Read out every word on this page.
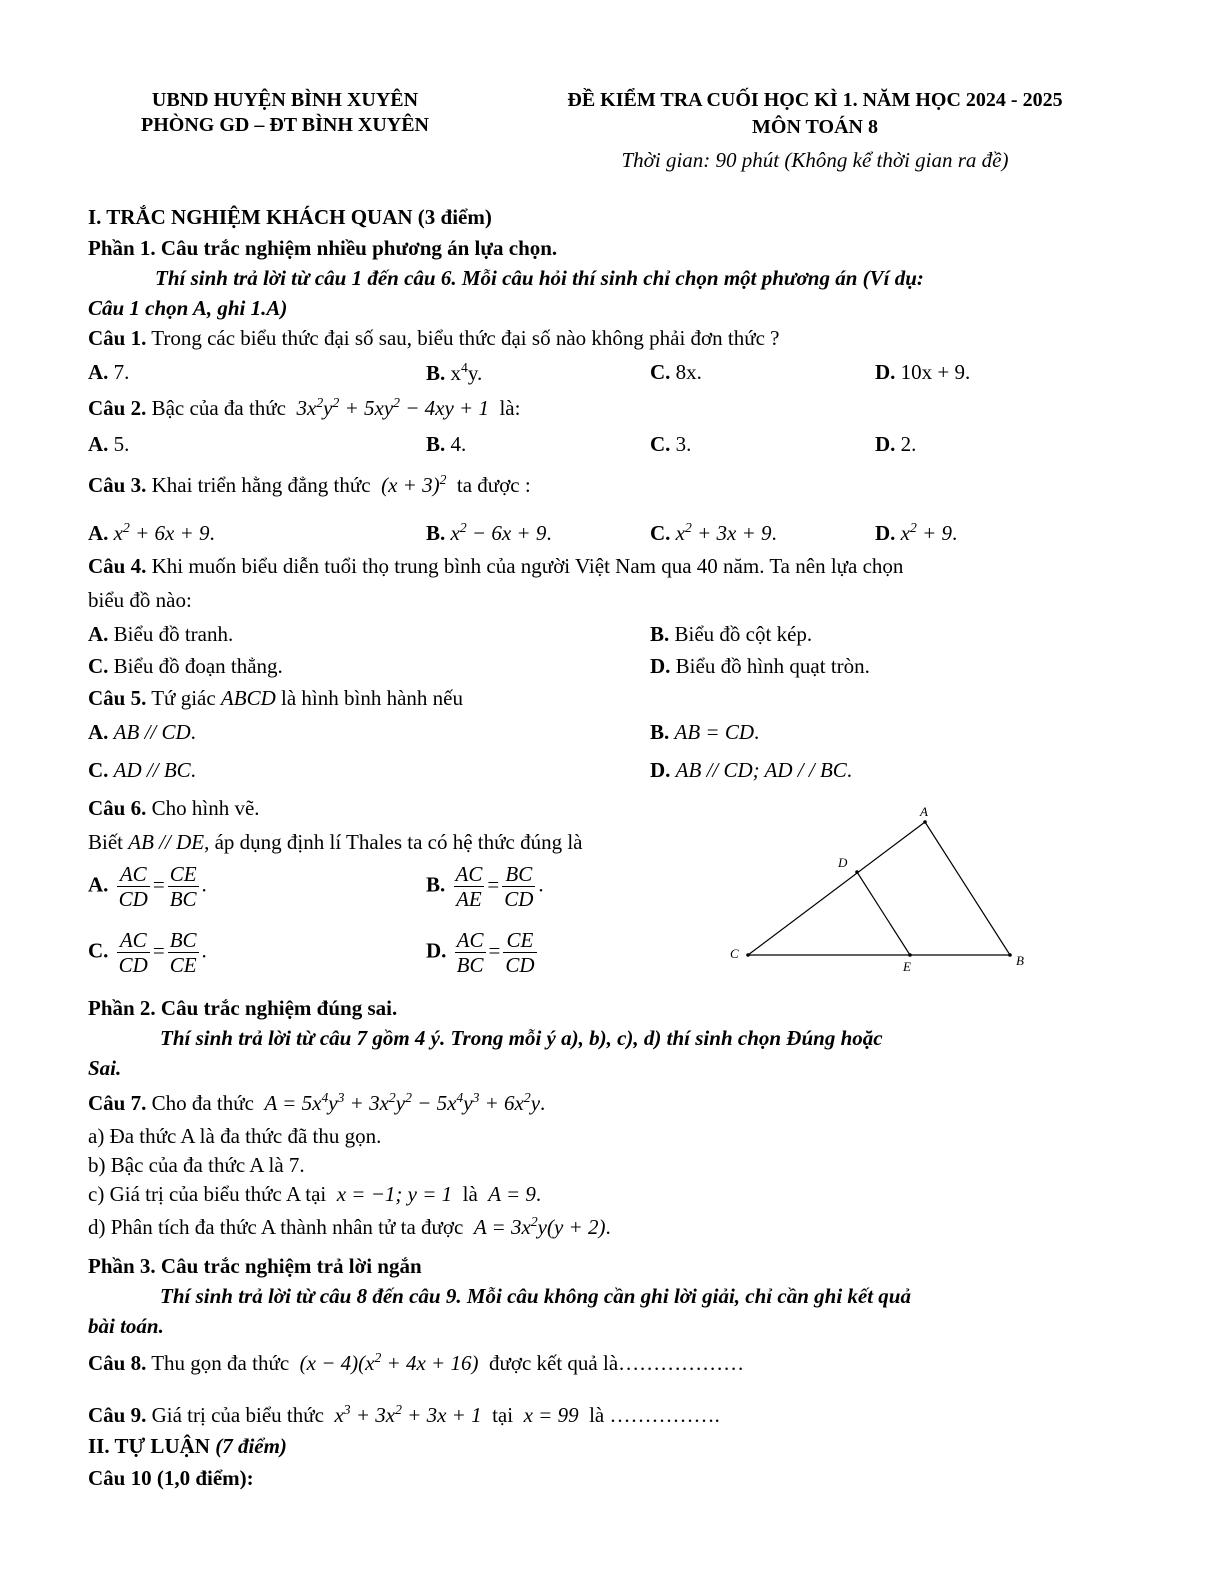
UBND HUYỆN BÌNH XUYÊN
PHÒNG GD – ĐT BÌNH XUYÊN
ĐỀ KIỂM TRA CUỐI HỌC KÌ 1. NĂM HỌC 2024 - 2025
MÔN TOÁN 8
Thời gian: 90 phút (Không kể thời gian ra đề)
I. TRẮC NGHIỆM KHÁCH QUAN (3 điểm)
Phần 1. Câu trắc nghiệm nhiều phương án lựa chọn.
Thí sinh trả lời từ câu 1 đến câu 6. Mỗi câu hỏi thí sinh chỉ chọn một phương án (Ví dụ:
Câu 1 chọn A, ghi 1.A)
Câu 1. Trong các biểu thức đại số sau, biểu thức đại số nào không phải đơn thức ?
A. 7.	B. $x^4y$.	C. 8x.	D. 10x + 9.
Câu 2. Bậc của đa thức  $3x^2y^2 + 5xy^2 - 4xy + 1$  là:
A. 5.	B. 4.	C. 3.	D. 2.
Câu 3. Khai triển hằng đẳng thức  $(x + 3)^2$ ta được :
A. $x^2 + 6x + 9$.	B. $x^2 - 6x + 9$.	C. $x^2 + 3x + 9$.	D. $x^2 + 9$.
Câu 4. Khi muốn biểu diễn tuổi thọ trung bình của người Việt Nam qua 40 năm. Ta nên lựa chọn
biểu đồ nào:
A. Biểu đồ tranh.	B. Biểu đồ cột kép.
C. Biểu đồ đoạn thẳng.	D. Biểu đồ hình quạt tròn.
Câu 5. Tứ giác ABCD là hình bình hành nếu
A. AB // CD.	B. AB = CD.
C. AD // BC.	D. AB // CD; AD / / BC.
Câu 6. Cho hình vẽ.
Biết AB // DE, áp dụng định lí Thales ta có hệ thức đúng là
A. $\frac{AC}{CD} = \frac{CE}{BC}$ .	B. $\frac{AC}{AE} = \frac{BC}{CD}$ .
C. $\frac{AC}{CD} = \frac{BC}{CE}$ .	D. $\frac{AC}{BC} = \frac{CE}{CD}$
A
B
C
D
E
Phần 2. Câu trắc nghiệm đúng sai.
Thí sinh trả lời từ câu 7 gồm 4 ý. Trong mỗi ý a), b), c), d) thí sinh chọn Đúng hoặc
Sai.
Câu 7. Cho đa thức  $A = 5x^4y^3 + 3x^2y^2 - 5x^4y^3 + 6x^2y$.
a) Đa thức A là đa thức đã thu gọn.
b) Bậc của đa thức A là 7.
c) Giá trị của biểu thức A tại  x = −1; y = 1  là  A = 9.
d) Phân tích đa thức A thành nhân tử ta được  $A = 3x^2y(y + 2)$.
Phần 3. Câu trắc nghiệm trả lời ngắn
Thí sinh trả lời từ câu 8 đến câu 9. Mỗi câu không cần ghi lời giải, chỉ cần ghi kết quả
bài toán.
Câu 8. Thu gọn đa thức  $(x - 4)(x^2 + 4x + 16)$  được kết quả là………………
Câu 9. Giá trị của biểu thức  $x^3 + 3x^2 + 3x + 1$  tại  x = 99  là …………….
II. TỰ LUẬN (7 điểm)
Câu 10 (1,0 điểm):
